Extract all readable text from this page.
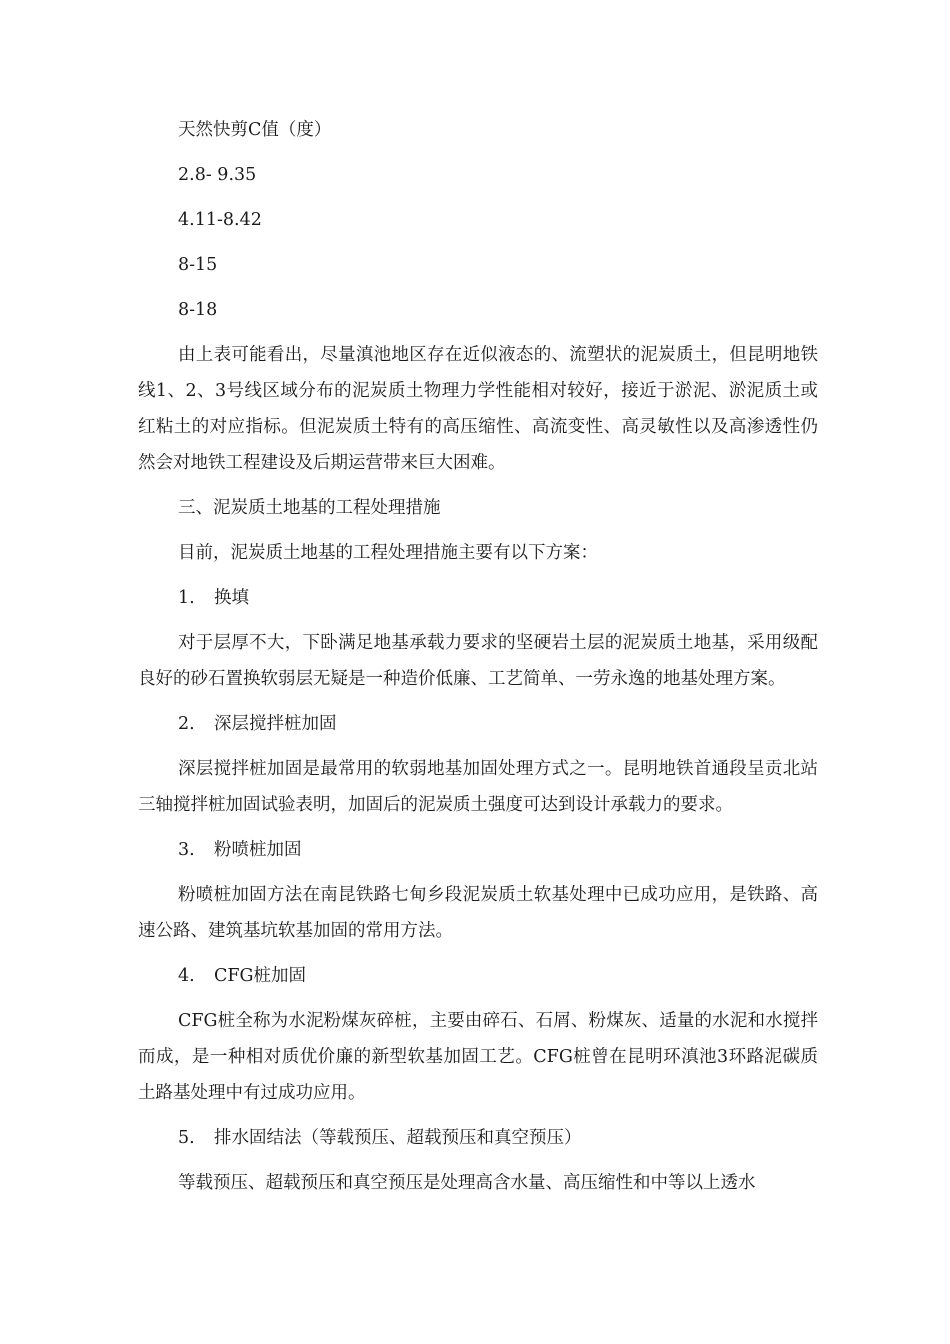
天然快剪C值（度）

2.8- 9.35

4.11-8.42

8-15

8-18

由上表可能看出，尽量滇池地区存在近似液态的、流塑状的泥炭质土，但昆明地铁线1、2、3号线区域分布的泥炭质土物理力学性能相对较好，接近于淤泥、淤泥质土或红粘土的对应指标。但泥炭质土特有的高压缩性、高流变性、高灵敏性以及高渗透性仍然会对地铁工程建设及后期运营带来巨大困难。

三、泥炭质土地基的工程处理措施

目前，泥炭质土地基的工程处理措施主要有以下方案：

1. 换填

对于层厚不大，下卧满足地基承载力要求的坚硬岩土层的泥炭质土地基，采用级配良好的砂石置换软弱层无疑是一种造价低廉、工艺简单、一劳永逸的地基处理方案。

2. 深层搅拌桩加固

深层搅拌桩加固是最常用的软弱地基加固处理方式之一。昆明地铁首通段呈贡北站三轴搅拌桩加固试验表明，加固后的泥炭质土强度可达到设计承载力的要求。

3. 粉喷桩加固

粉喷桩加固方法在南昆铁路七甸乡段泥炭质土软基处理中已成功应用，是铁路、高速公路、建筑基坑软基加固的常用方法。

4. CFG桩加固

CFG桩全称为水泥粉煤灰碎桩，主要由碎石、石屑、粉煤灰、适量的水泥和水搅拌而成，是一种相对质优价廉的新型软基加固工艺。CFG桩曾在昆明环滇池3环路泥碳质土路基处理中有过成功应用。

5. 排水固结法（等载预压、超载预压和真空预压）

等载预压、超载预压和真空预压是处理高含水量、高压缩性和中等以上透水
